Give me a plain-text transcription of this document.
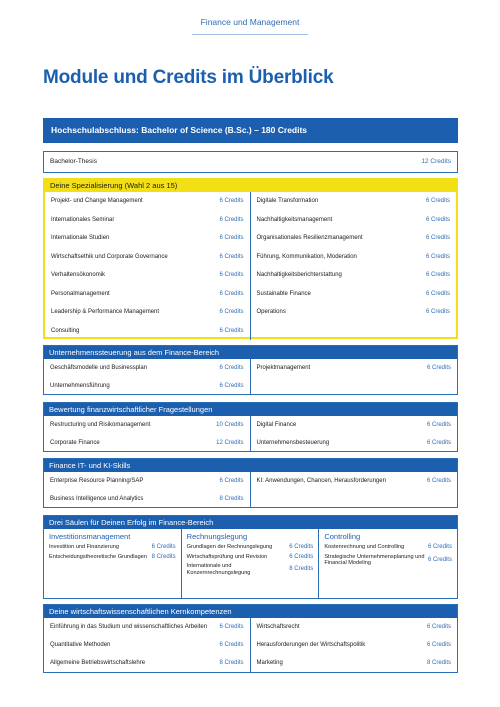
Finance und Management
Module und Credits im Überblick
Hochschulabschluss: Bachelor of Science (B.Sc.) – 180 Credits
Bachelor-Thesis	12 Credits
Deine Spezialisierung (Wahl 2 aus 15)
Projekt- und Change Management	6 Credits
Internationales Seminar	6 Credits
Internationale Studien	6 Credits
Wirtschaftsethik und Corporate Governance	6 Credits
Verhaltensökonomik	6 Credits
Personalmanagement	6 Credits
Leadership & Performance Management	6 Credits
Consulting	6 Credits
Digitale Transformation	6 Credits
Nachhaltigkeitsmanagement	6 Credits
Organisationales Resilienzmanagement	6 Credits
Führung, Kommunikation, Moderation	6 Credits
Nachhaltigkeitsberichterstattung	6 Credits
Sustainable Finance	6 Credits
Operations	6 Credits
Unternehmenssteuerung aus dem Finance-Bereich
Geschäftsmodelle und Businessplan	6 Credits
Unternehmensführung	6 Credits
Projektmanagement	6 Credits
Bewertung finanzwirtschaftlicher Fragestellungen
Restructuring und Risikomanagement	10 Credits
Corporate Finance	12 Credits
Digital Finance	6 Credits
Unternehmensbesteuerung	6 Credits
Finance IT- und KI-Skills
Enterprise Resource Planning/SAP	6 Credits
Business Intelligence und Analytics	8 Credits
KI: Anwendungen, Chancen, Herausforderungen	6 Credits
Drei Säulen für Deinen Erfolg im Finance-Bereich
Investitionsmanagement
Investition und Finanzierung	6 Credits
Entscheidungstheoretische Grundlagen 8 Credits
Rechnungslegung
Grundlagen der Rechnungslegung	6 Credits
Wirtschaftsprüfung und Revision	6 Credits
Internationale und Konzernrechnungslegung
8 Credits
Controlling
Kostenrechnung und Controlling	6 Credits
Strategische Unternehmensplanung und Financial Modeling
6 Credits
Deine wirtschaftswissenschaftlichen Kernkompetenzen
Einführung in das Studium und wissenschaftliches Arbeiten	6 Credits
Quantitative Methoden	6 Credits
Allgemeine Betriebswirtschaftslehre	8 Credits
Wirtschaftsrecht	6 Credits
Herausforderungen der Wirtschaftspolitik	6 Credits
Marketing	8 Credits
